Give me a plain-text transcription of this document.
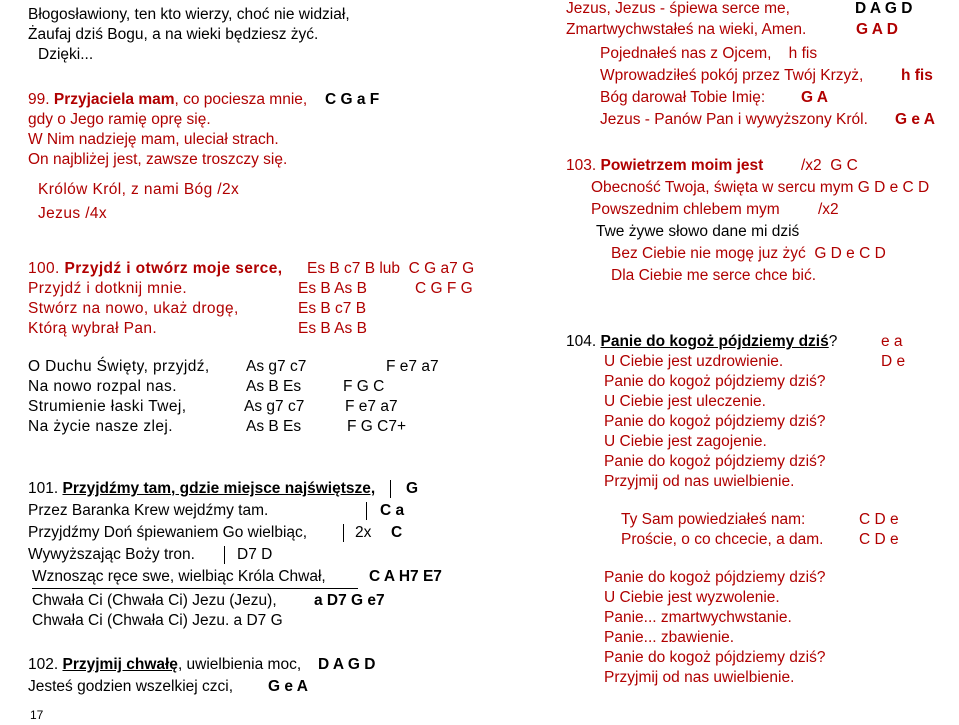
Błogosławiony, ten kto wierzy, choć nie widział,
Żaufaj dziś Bogu, a na wieki będziesz żyć.
Dzięki...
99. Przyjaciela mam, co pociesza mnie, C G a F
gdy o Jego ramię oprę się.
W Nim nadzieję mam, uleciał strach.
On najbliżej jest, zawsze troszczy się.
Królów Król, z nami Bóg /2x
Jezus /4x
100. Przyjdź i otwórz moje serce, Es B c7 B lub  C G a7 G
Przyjdź i dotknij mnie.	Es B As B	C G F G
Stwórz na nowo, ukaż drogę,	Es B c7 B
Którą wybrał Pan.	Es B As B
O Duchu Święty, przyjdź, As g7 c7	F e7 a7
Na nowo rozpal nas.	As B Es	F G C
Strumienie łaski Twej,	As g7 c7	F e7 a7
Na życie nasze zlej.	As B Es	F G C7+
101. Przyjdźmy tam, gdzie miejsce najświętsze, G
Przez Baranka Krew wejdźmy tam.	C a
Przyjdźmy Doń śpiewaniem Go wielbiąc,	2x C
Wywyższając Boży tron.	D7 D
Wznosząc ręce swe, wielbiąc Króla Chwał,	C A H7 E7
Chwała Ci (Chwała Ci) Jezu (Jezu), a D7 G e7
Chwała Ci (Chwała Ci) Jezu. a D7 G
102. Przyjmij chwałę, uwielbienia moc, D A G D
Jesteś godzien wszelkiej czci, G e A
17
Jezus, Jezus - śpiewa serce me,	D A G D
Zmartwychwstałeś na wieki, Amen.	G A D
Pojednałeś nas z Ojcem,    h fis
Wprowadziłeś pokój przez Twój Krzyż, h fis
Bóg darował Tobie Imię: G A
Jezus - Panów Pan i wywyższony Król. G e A
103. Powietrzem moim jest /x2  G C
Obecność Twoja, święta w sercu mym G D e C D
Powszednim chlebem mym /x2
Twe żywe słowo dane mi dziś
Bez Ciebie nie mogę juz żyć  G D e C D
Dla Ciebie me serce chce bić.
104. Panie do kogoż pójdziemy dziś?	e a
U Ciebie jest uzdrowienie.	D e
Panie do kogoż pójdziemy dziś?
U Ciebie jest uleczenie.
Panie do kogoż pójdziemy dziś?
U Ciebie jest zagojenie.
Panie do kogoż pójdziemy dziś?
Przyjmij od nas uwielbienie.
Ty Sam powiedziałeś nam:	C D e
Proście, o co chcecie, a dam. C D e
Panie do kogoż pójdziemy dziś?
U Ciebie jest wyzwolenie.
Panie... zmartwychwstanie.
Panie... zbawienie.
Panie do kogoż pójdziemy dziś?
Przyjmij od nas uwielbienie.
